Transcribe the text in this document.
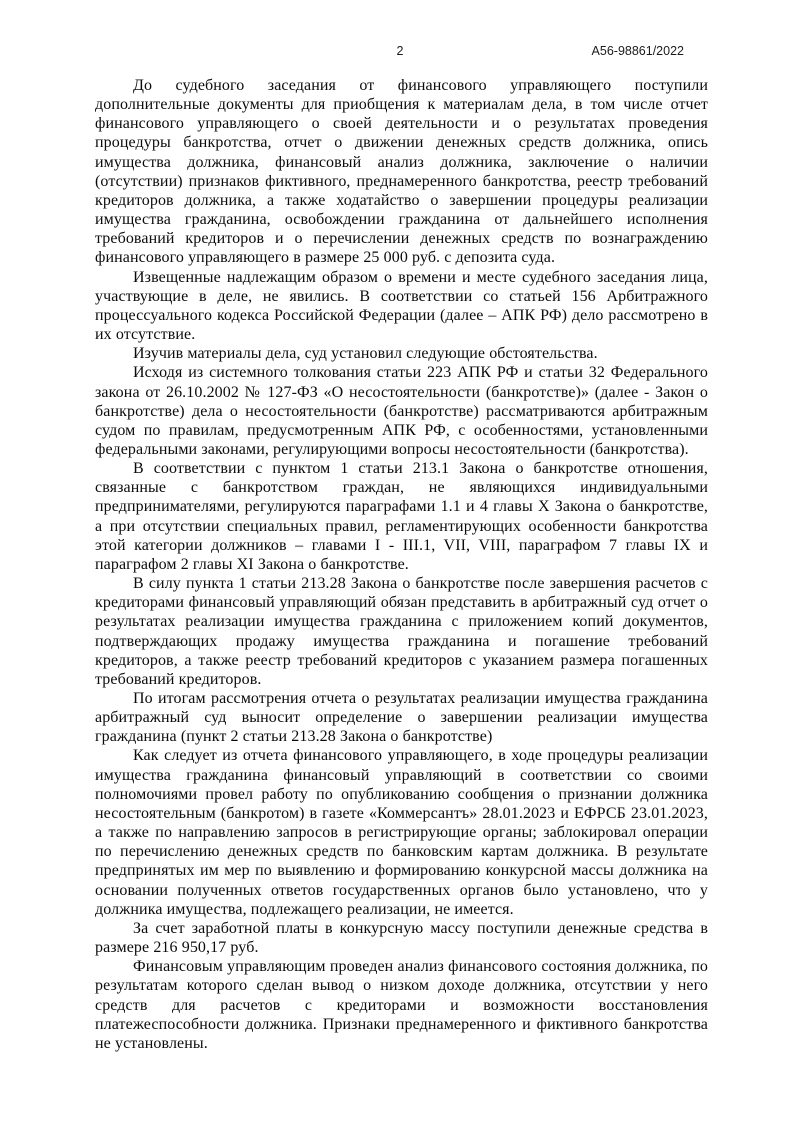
2	А56-98861/2022

До судебного заседания от финансового управляющего поступили дополнительные документы для приобщения к материалам дела, в том числе отчет финансового управляющего о своей деятельности и о результатах проведения процедуры банкротства, отчет о движении денежных средств должника, опись имущества должника, финансовый анализ должника, заключение о наличии (отсутствии) признаков фиктивного, преднамеренного банкротства, реестр требований кредиторов должника, а также ходатайство о завершении процедуры реализации имущества гражданина, освобождении гражданина от дальнейшего исполнения требований кредиторов и о перечислении денежных средств по вознаграждению финансового управляющего в размере 25 000 руб. с депозита суда.

Извещенные надлежащим образом о времени и месте судебного заседания лица, участвующие в деле, не явились. В соответствии со статьей 156 Арбитражного процессуального кодекса Российской Федерации (далее – АПК РФ) дело рассмотрено в их отсутствие.

Изучив материалы дела, суд установил следующие обстоятельства.

Исходя из системного толкования статьи 223 АПК РФ и статьи 32 Федерального закона от 26.10.2002 № 127-ФЗ «О несостоятельности (банкротстве)» (далее - Закон о банкротстве) дела о несостоятельности (банкротстве) рассматриваются арбитражным судом по правилам, предусмотренным АПК РФ, с особенностями, установленными федеральными законами, регулирующими вопросы несостоятельности (банкротства).

В соответствии с пунктом 1 статьи 213.1 Закона о банкротстве отношения, связанные с банкротством граждан, не являющихся индивидуальными предпринимателями, регулируются параграфами 1.1 и 4 главы X Закона о банкротстве, а при отсутствии специальных правил, регламентирующих особенности банкротства этой категории должников – главами I - III.1, VII, VIII, параграфом 7 главы IX и параграфом 2 главы XI Закона о банкротстве.

В силу пункта 1 статьи 213.28 Закона о банкротстве после завершения расчетов с кредиторами финансовый управляющий обязан представить в арбитражный суд отчет о результатах реализации имущества гражданина с приложением копий документов, подтверждающих продажу имущества гражданина и погашение требований кредиторов, а также реестр требований кредиторов с указанием размера погашенных требований кредиторов.

По итогам рассмотрения отчета о результатах реализации имущества гражданина арбитражный суд выносит определение о завершении реализации имущества гражданина (пункт 2 статьи 213.28 Закона о банкротстве)

Как следует из отчета финансового управляющего, в ходе процедуры реализации имущества гражданина финансовый управляющий в соответствии со своими полномочиями провел работу по опубликованию сообщения о признании должника несостоятельным (банкротом) в газете «Коммерсантъ» 28.01.2023 и ЕФРСБ 23.01.2023, а также по направлению запросов в регистрирующие органы; заблокировал операции по перечислению денежных средств по банковским картам должника. В результате предпринятых им мер по выявлению и формированию конкурсной массы должника на основании полученных ответов государственных органов было установлено, что у должника имущества, подлежащего реализации, не имеется.

За счет заработной платы в конкурсную массу поступили денежные средства в размере 216 950,17 руб.

Финансовым управляющим проведен анализ финансового состояния должника, по результатам которого сделан вывод о низком доходе должника, отсутствии у него средств для расчетов с кредиторами и возможности восстановления платежеспособности должника. Признаки преднамеренного и фиктивного банкротства не установлены.
